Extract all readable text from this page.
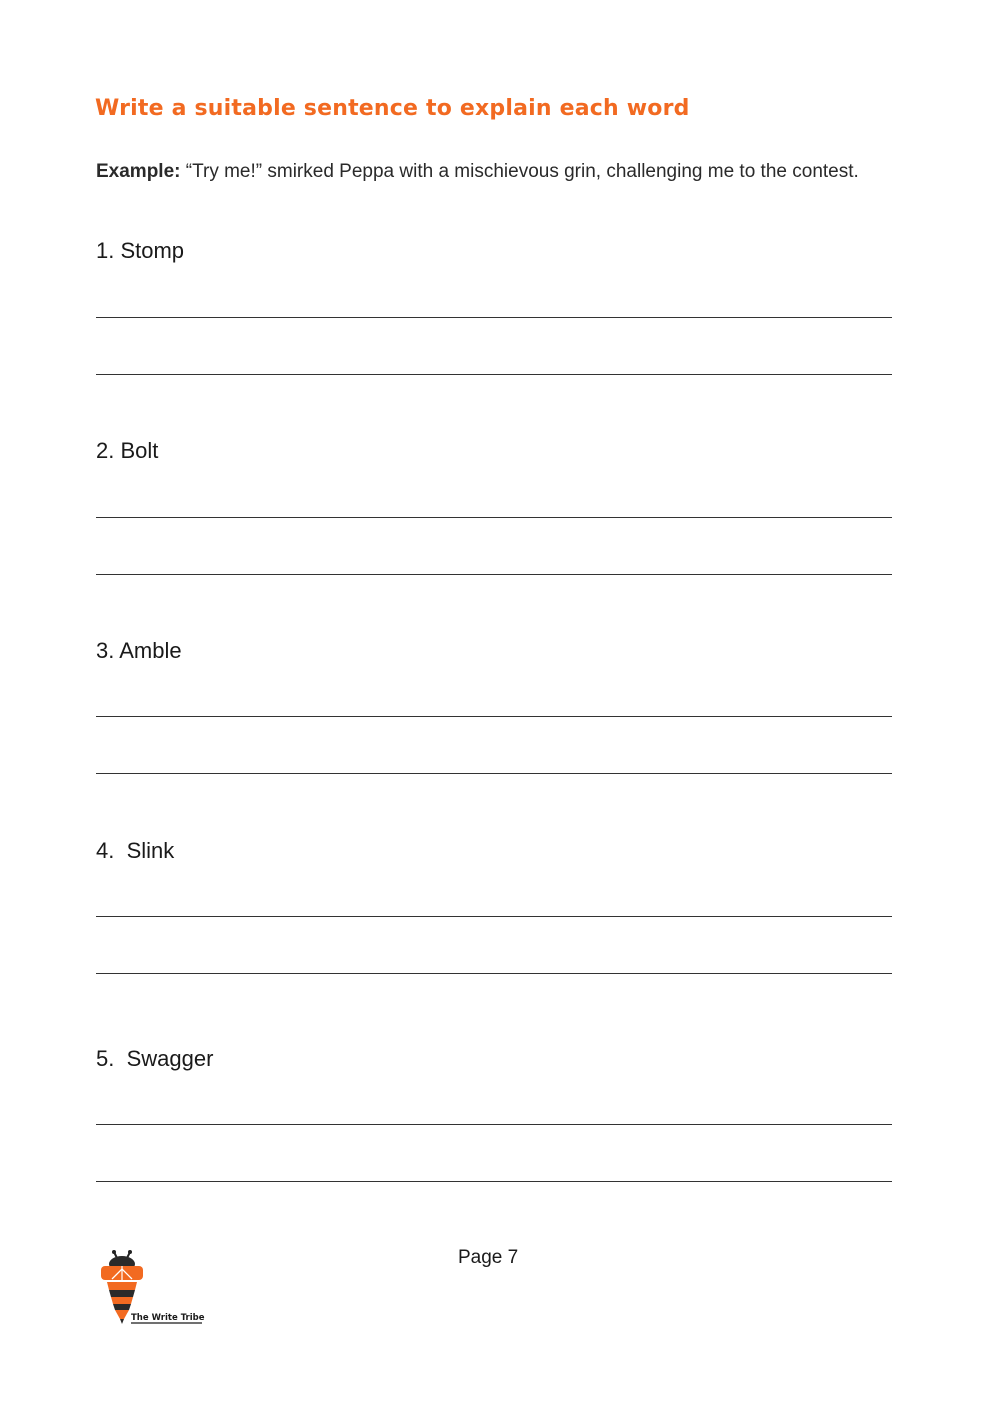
Write a suitable sentence to explain each word
Example: “Try me!” smirked Peppa with a mischievous grin, challenging me to the contest.
1. Stomp
2. Bolt
3. Amble
4.  Slink
5.  Swagger
The Write Tribe
Page 7
